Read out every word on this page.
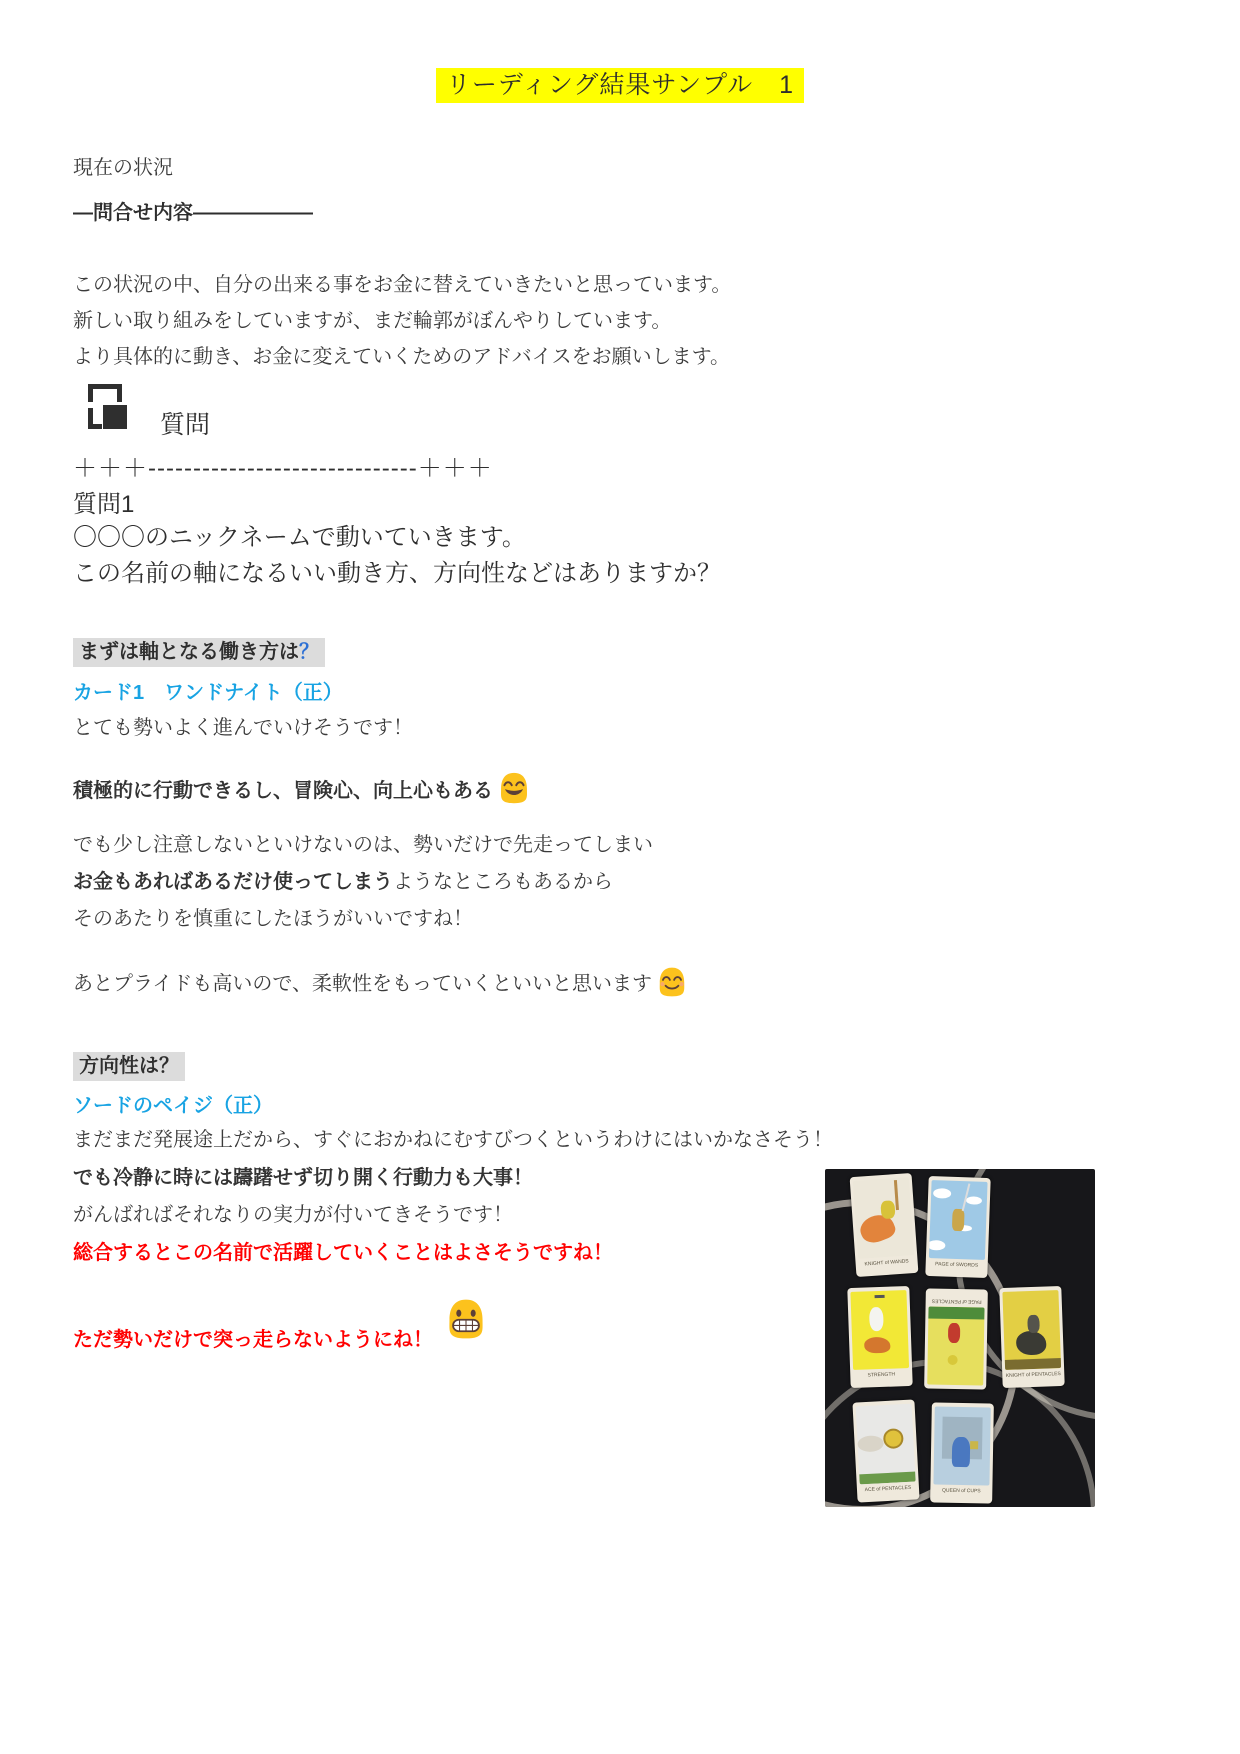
リーディング結果サンプル　1
現在の状況
―問合せ内容――――――
この状況の中、自分の出来る事をお金に替えていきたいと思っています。
新しい取り組みをしていますが、まだ輪郭がぼんやりしています。
より具体的に動き、お金に変えていくためのアドバイスをお願いします。
質問
＋＋＋------------------------------＋＋＋
質問1
〇〇〇のニックネームで動いていきます。
この名前の軸になるいい動き方、方向性などはありますか？
まずは軸となる働き方は？
カード1　ワンドナイト（正）
とても勢いよく進んでいけそうです！
積極的に行動できるし、冒険心、向上心もある
でも少し注意しないといけないのは、勢いだけで先走ってしまい
お金もあればあるだけ使ってしまうようなところもあるから
そのあたりを慎重にしたほうがいいですね！
あとプライドも高いので、柔軟性をもっていくといいと思います
方向性は？
ソードのペイジ（正）
まだまだ発展途上だから、すぐにおかねにむすびつくというわけにはいかなさそう！
でも冷静に時には躊躇せず切り開く行動力も大事！
がんばればそれなりの実力が付いてきそうです！
総合するとこの名前で活躍していくことはよさそうですね！
ただ勢いだけで突っ走らないようにね！
KNIGHT of WANDS	PAGE of SWORDS
STRENGTH
PAGE of PENTACLES
KNIGHT of PENTACLES
ACE of PENTACLES	QUEEN of CUPS
